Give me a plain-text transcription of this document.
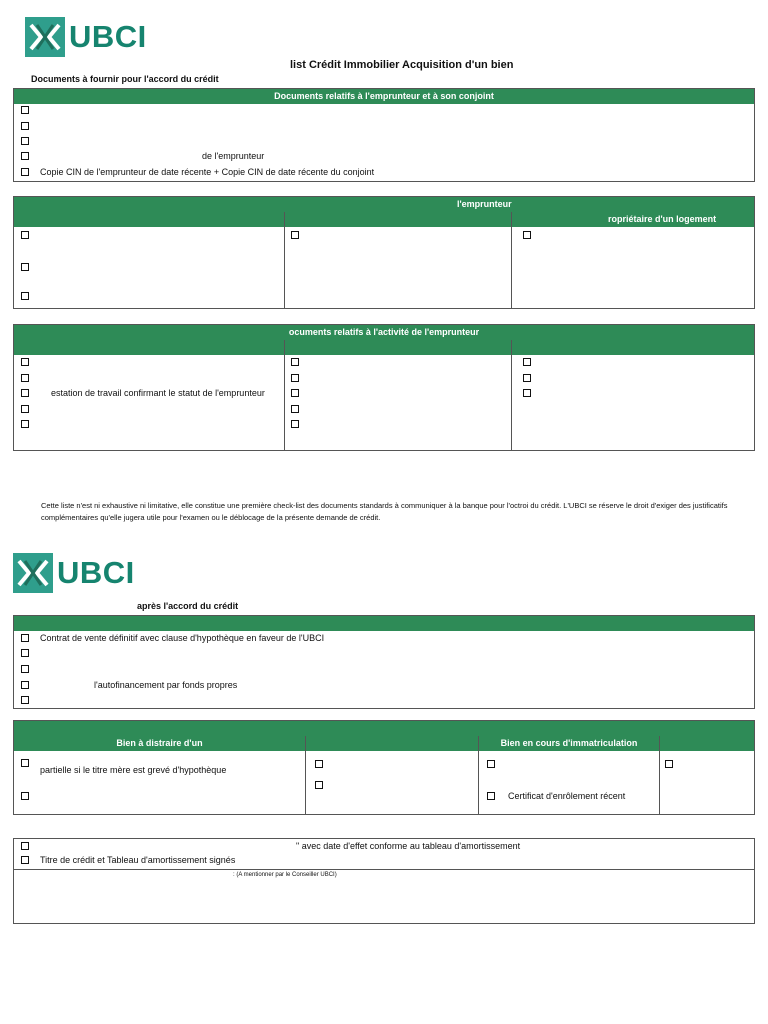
UBCI
list Crédit Immobilier Acquisition d'un bien
Documents à fournir pour l'accord du crédit
Documents relatifs à l'emprunteur et à son conjoint
de l'emprunteur
Copie CIN de l'emprunteur de date récente + Copie CIN de date récente du conjoint
l'emprunteur
ropriétaire d'un logement
ocuments relatifs à l'activité de l'emprunteur
estation de travail confirmant le statut de l'emprunteur
Cette liste n'est ni exhaustive ni limitative, elle constitue une première check-list des documents standards à communiquer à la banque pour l'octroi du crédit. L'UBCI se réserve le droit d'exiger des justificatifs complémentaires qu'elle jugera utile pour l'examen ou le déblocage de la présente demande de crédit.
UBCI
après l'accord du crédit
Contrat de vente définitif avec clause d'hypothèque en faveur de l'UBCI
l'autofinancement par fonds propres
Bien à distraire d'un	Bien en cours d'immatriculation
partielle si le titre mère est grevé d'hypothèque
Certificat d'enrôlement récent
" avec date d'effet conforme au tableau d'amortissement
Titre de crédit et Tableau d'amortissement signés
: (A mentionner par le Conseiller UBCI)
